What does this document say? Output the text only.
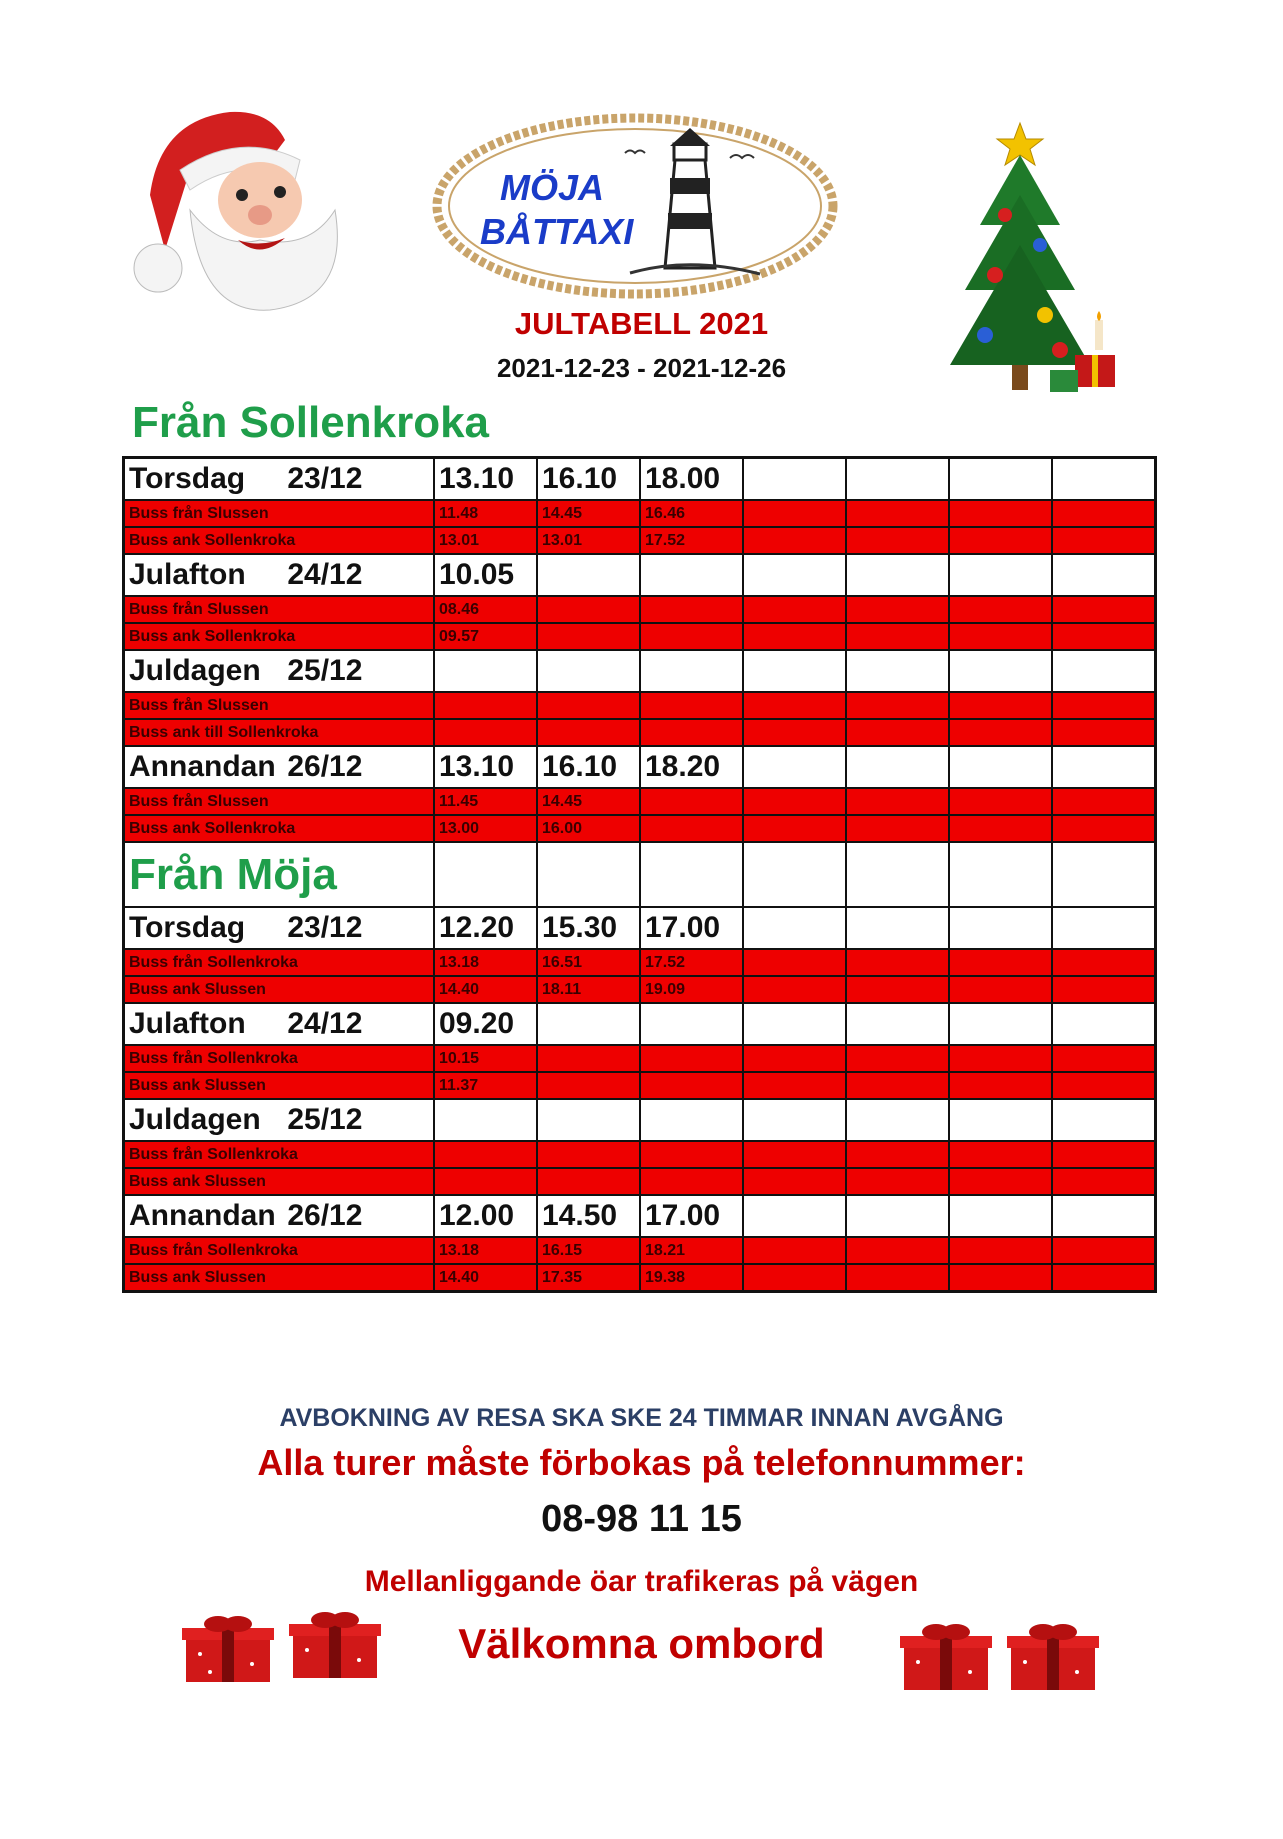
MÖJA
BÅTTAXI
JULTABELL 2021
2021-12-23 - 2021-12-26
Från Sollenkroka
Torsdag 23/12	13.10	16.10	18.00				
Buss från Slussen	11.48	14.45	16.46				
Buss ank Sollenkroka	13.01	13.01	17.52				
Julafton 24/12	10.05						
Buss från Slussen	08.46						
Buss ank Sollenkroka	09.57						
Juldagen 25/12							
Buss från Slussen							
Buss ank till Sollenkroka							
Annandan 26/12	13.10	16.10	18.20				
Buss från Slussen	11.45	14.45					
Buss ank Sollenkroka	13.00	16.00					
Från Möja							
Torsdag 23/12	12.20	15.30	17.00				
Buss från Sollenkroka	13.18	16.51	17.52				
Buss ank Slussen	14.40	18.11	19.09				
Julafton 24/12	09.20						
Buss från Sollenkroka	10.15						
Buss ank Slussen	11.37						
Juldagen 25/12							
Buss från Sollenkroka							
Buss ank Slussen							
Annandan 26/12	12.00	14.50	17.00				
Buss från Sollenkroka	13.18	16.15	18.21				
Buss ank Slussen	14.40	17.35	19.38				
AVBOKNING AV RESA SKA SKE 24 TIMMAR INNAN AVGÅNG
Alla turer måste förbokas på telefonnummer:
08-98 11 15
Mellanliggande öar trafikeras på vägen
Välkomna ombord
